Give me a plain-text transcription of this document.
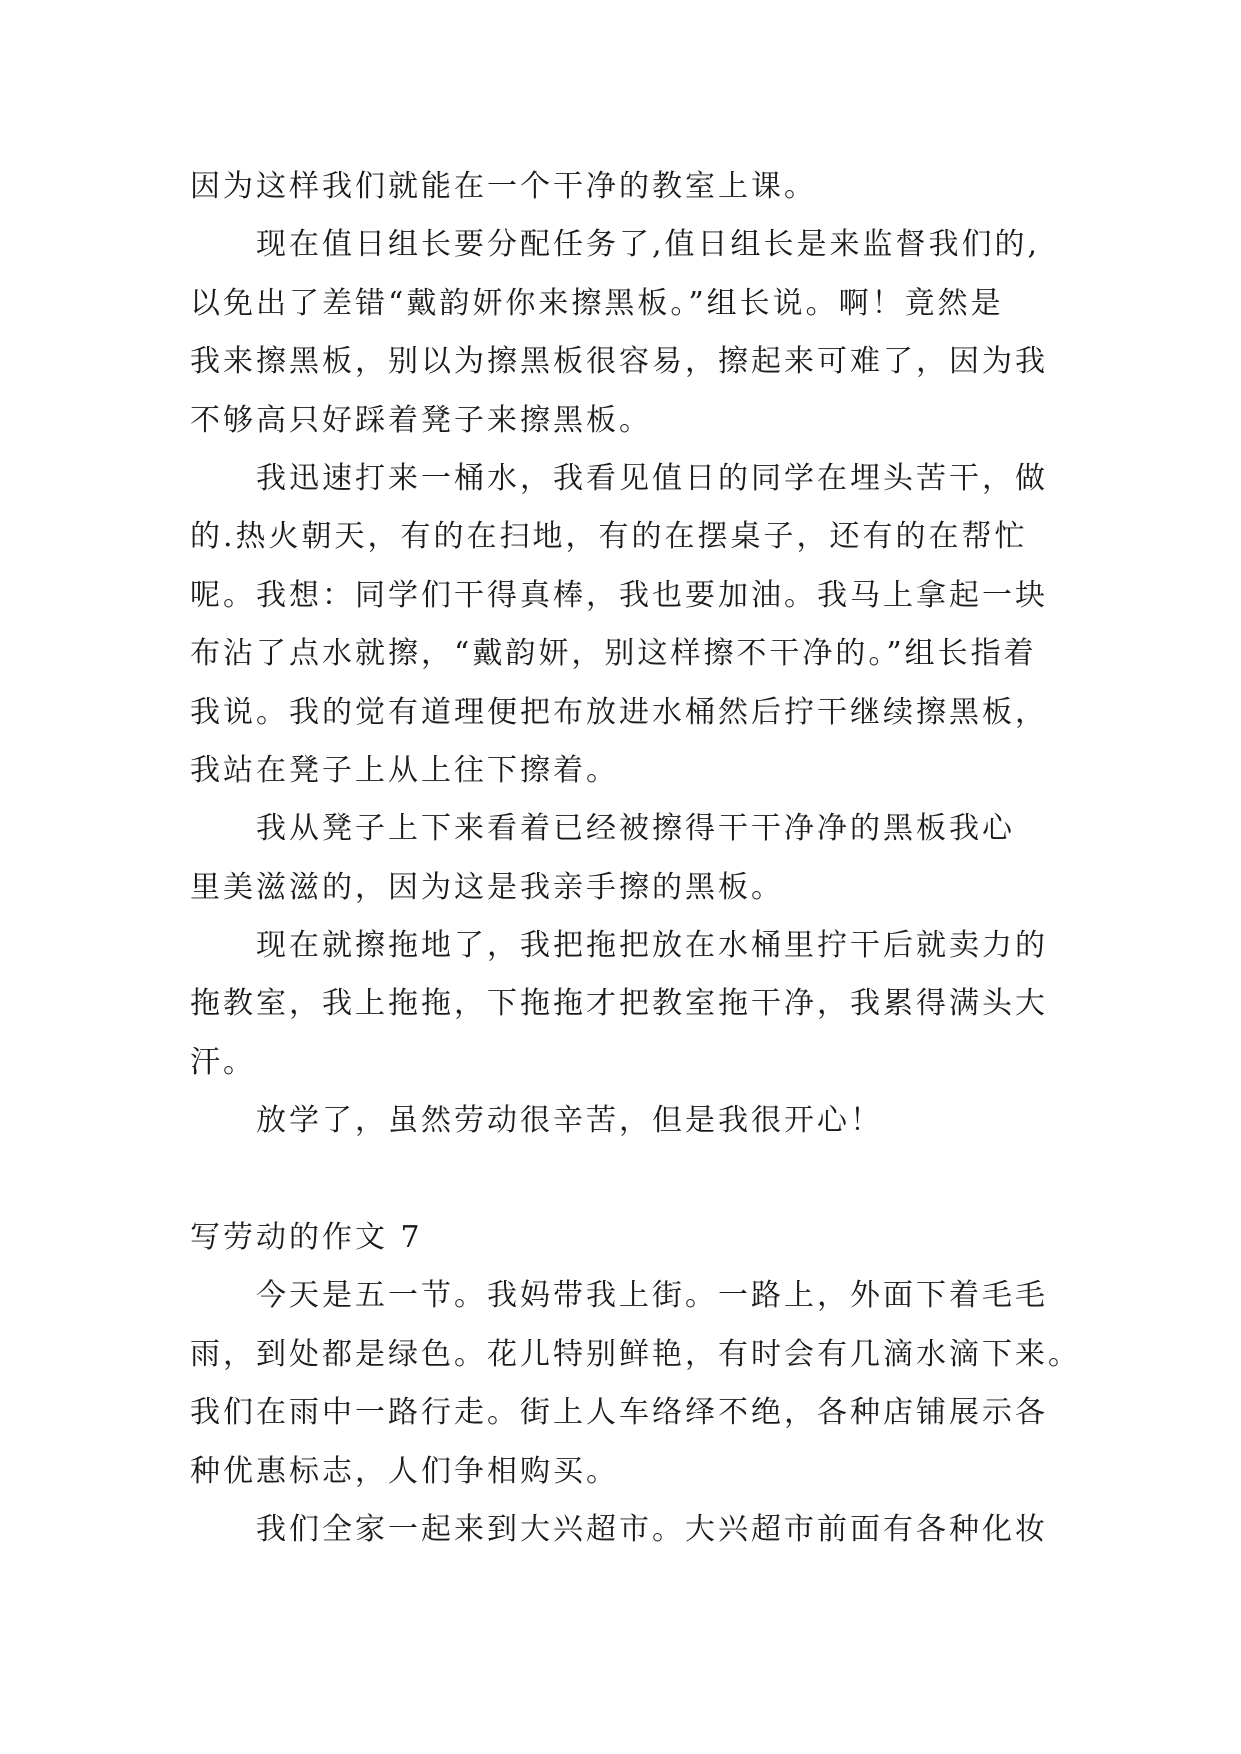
因为这样我们就能在一个干净的教室上课。
　　现在值日组长要分配任务了,值日组长是来监督我们的,
以免出了差错“戴韵妍你来擦黑板。”组长说。啊！竟然是
我来擦黑板，别以为擦黑板很容易，擦起来可难了，因为我
不够高只好踩着凳子来擦黑板。
　　我迅速打来一桶水，我看见值日的同学在埋头苦干，做
的.热火朝天，有的在扫地，有的在摆桌子，还有的在帮忙
呢。我想：同学们干得真棒，我也要加油。我马上拿起一块
布沾了点水就擦，“戴韵妍，别这样擦不干净的。”组长指着
我说。我的觉有道理便把布放进水桶然后拧干继续擦黑板，
我站在凳子上从上往下擦着。
　　我从凳子上下来看着已经被擦得干干净净的黑板我心
里美滋滋的，因为这是我亲手擦的黑板。
　　现在就擦拖地了，我把拖把放在水桶里拧干后就卖力的
拖教室，我上拖拖，下拖拖才把教室拖干净，我累得满头大
汗。
　　放学了，虽然劳动很辛苦，但是我很开心！
写劳动的作文 7
　　今天是五一节。我妈带我上街。一路上，外面下着毛毛
雨，到处都是绿色。花儿特别鲜艳，有时会有几滴水滴下来。
我们在雨中一路行走。街上人车络绎不绝，各种店铺展示各
种优惠标志，人们争相购买。
　　我们全家一起来到大兴超市。大兴超市前面有各种化妆
